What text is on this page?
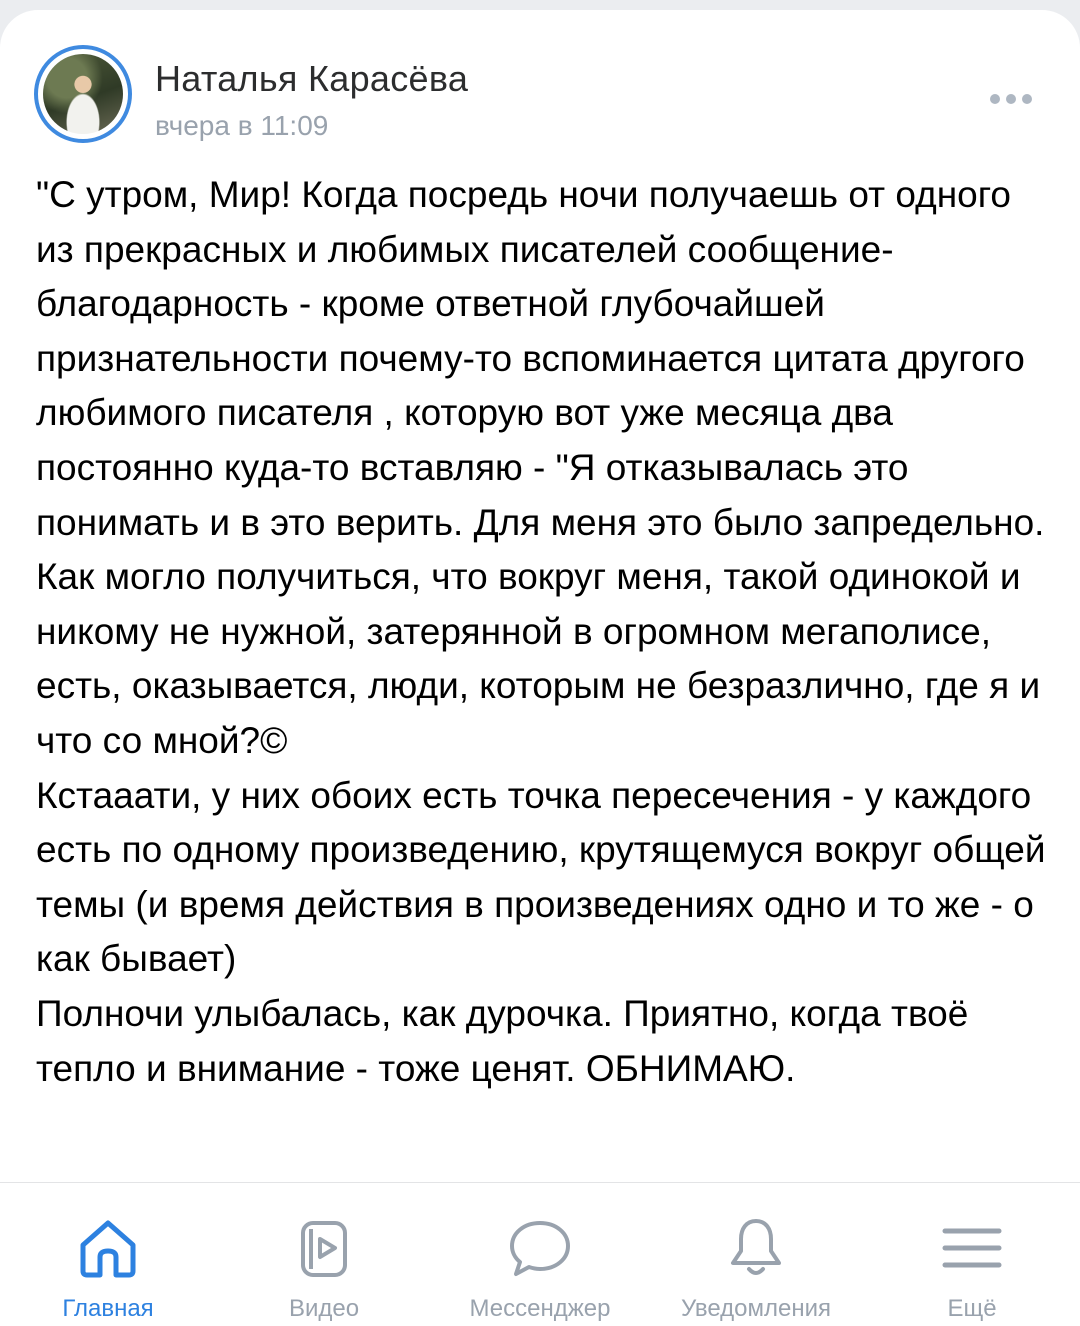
Наталья Карасёва
вчера в 11:09
"С утром, Мир! Когда посредь ночи получаешь от одного из прекрасных и любимых писателей сообщение-благодарность - кроме ответной глубочайшей признательности почему-то вспоминается цитата другого любимого писателя , которую вот уже месяца два постоянно куда-то вставляю - "Я отказывалась это понимать и в это верить. Для меня это было запредельно. Как могло получиться, что вокруг меня, такой одинокой и никому не нужной, затерянной в огромном мегаполисе, есть, оказывается, люди, которым не безразлично, где я и что со мной?©
Кстааати, у них обоих есть точка пересечения - у каждого есть по одному произведению, крутящемуся вокруг общей темы (и время действия в произведениях одно и то же - о как бывает)
Полночи улыбалась, как дурочка. Приятно, когда твоё тепло и внимание - тоже ценят. ОБНИМАЮ.
Главная	Видео	Мессенджер	Уведомления	Ещё
